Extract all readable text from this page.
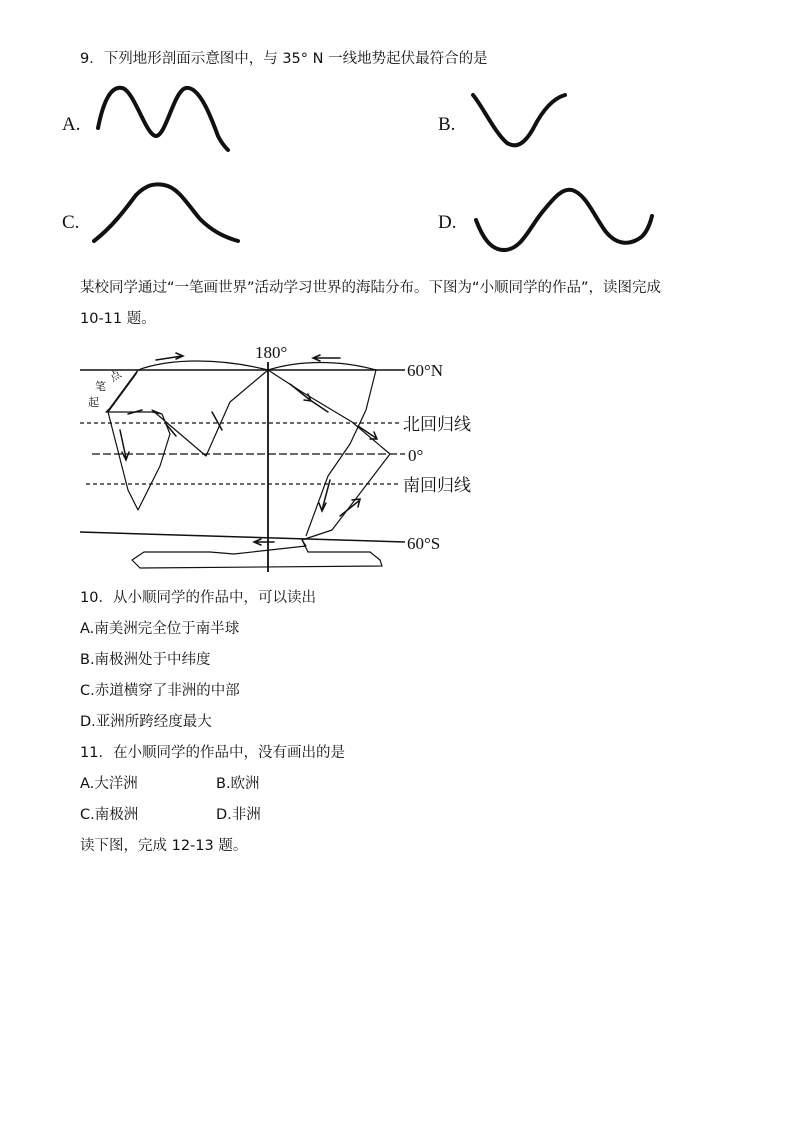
9．下列地形剖面示意图中，与 35° N 一线地势起伏最符合的是
A.	B.
C.	D.
某校同学通过“一笔画世界”活动学习世界的海陆分布。下图为“小顺同学的作品”，读图完成
10-11 题。
180°
60°N
北回归线
0°
南回归线
60°S
笔
起
点
10．从小顺同学的作品中，可以读出
A.南美洲完全位于南半球
B.南极洲处于中纬度
C.赤道横穿了非洲的中部
D.亚洲所跨经度最大
11．在小顺同学的作品中，没有画出的是
A.大洋洲	B.欧洲
C.南极洲	D.非洲
读下图，完成 12-13 题。
